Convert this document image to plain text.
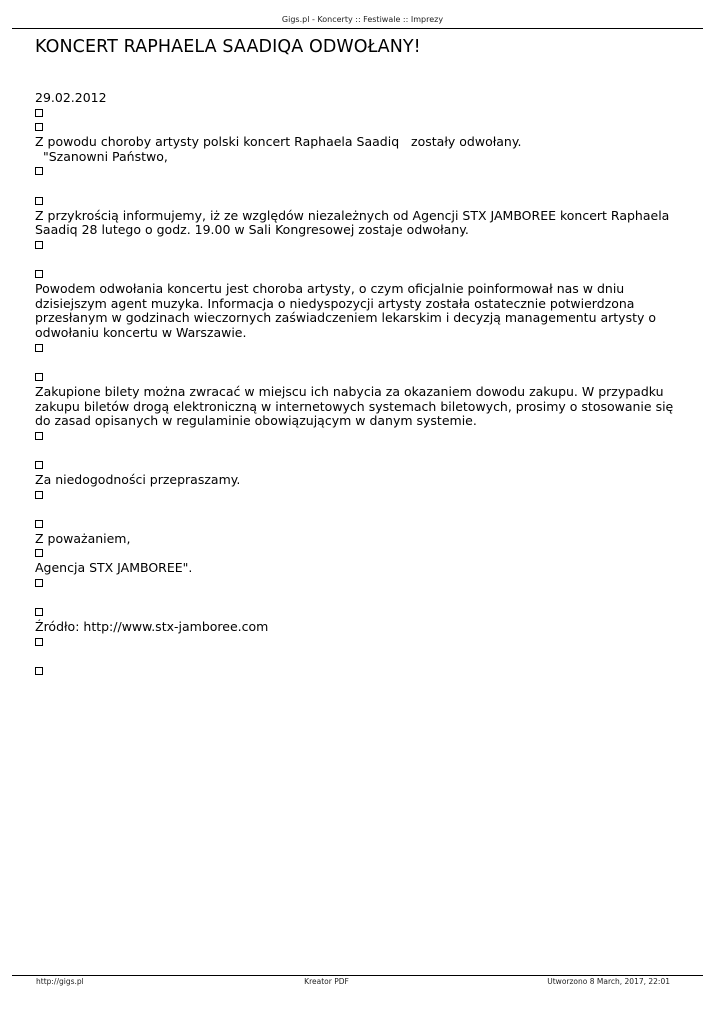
Gigs.pl - Koncerty :: Festiwale :: Imprezy
KONCERT RAPHAELA SAADIQA ODWOŁANY!
29.02.2012
Z powodu choroby artysty polski koncert Raphaela Saadiq   zostały odwołany.
"Szanowni Państwo,
Z przykrością informujemy, iż ze względów niezależnych od Agencji STX JAMBOREE koncert Raphaela Saadiq 28 lutego o godz. 19.00 w Sali Kongresowej zostaje odwołany.
Powodem odwołania koncertu jest choroba artysty, o czym oficjalnie poinformował nas w dniu dzisiejszym agent muzyka. Informacja o niedyspozycji artysty została ostatecznie potwierdzona przesłanym w godzinach wieczornych zaświadczeniem lekarskim i decyzją managementu artysty o odwołaniu koncertu w Warszawie.
Zakupione bilety można zwracać w miejscu ich nabycia za okazaniem dowodu zakupu. W przypadku zakupu biletów drogą elektroniczną w internetowych systemach biletowych, prosimy o stosowanie się do zasad opisanych w regulaminie obowiązującym w danym systemie.
Za niedogodności przepraszamy.
Z poważaniem,
Agencja STX JAMBOREE".
Źródło: http://www.stx-jamboree.com
http://gigs.pl	Kreator PDF	Utworzono 8 March, 2017, 22:01
